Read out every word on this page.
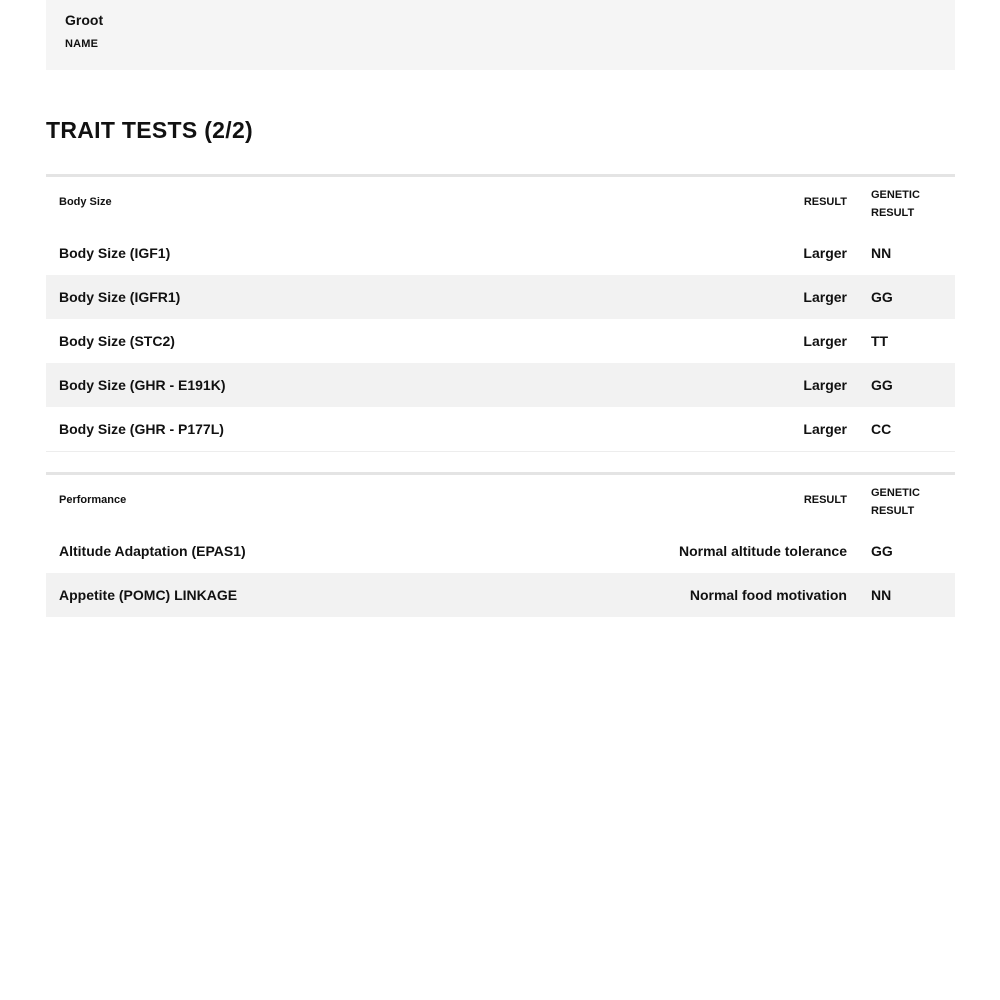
Groot
NAME
TRAIT TESTS (2/2)
Body Size	RESULT
GENETIC
RESULT
Body Size (IGF1)	Larger NN
Body Size (IGFR1)	Larger GG
Body Size (STC2)	Larger TT
Body Size (GHR - E191K)	Larger GG
Body Size (GHR - P177L)	Larger CC
Performance	RESULT
GENETIC
RESULT
Altitude Adaptation (EPAS1)	Normal altitude tolerance GG
Appetite (POMC) LINKAGE	Normal food motivation NN
